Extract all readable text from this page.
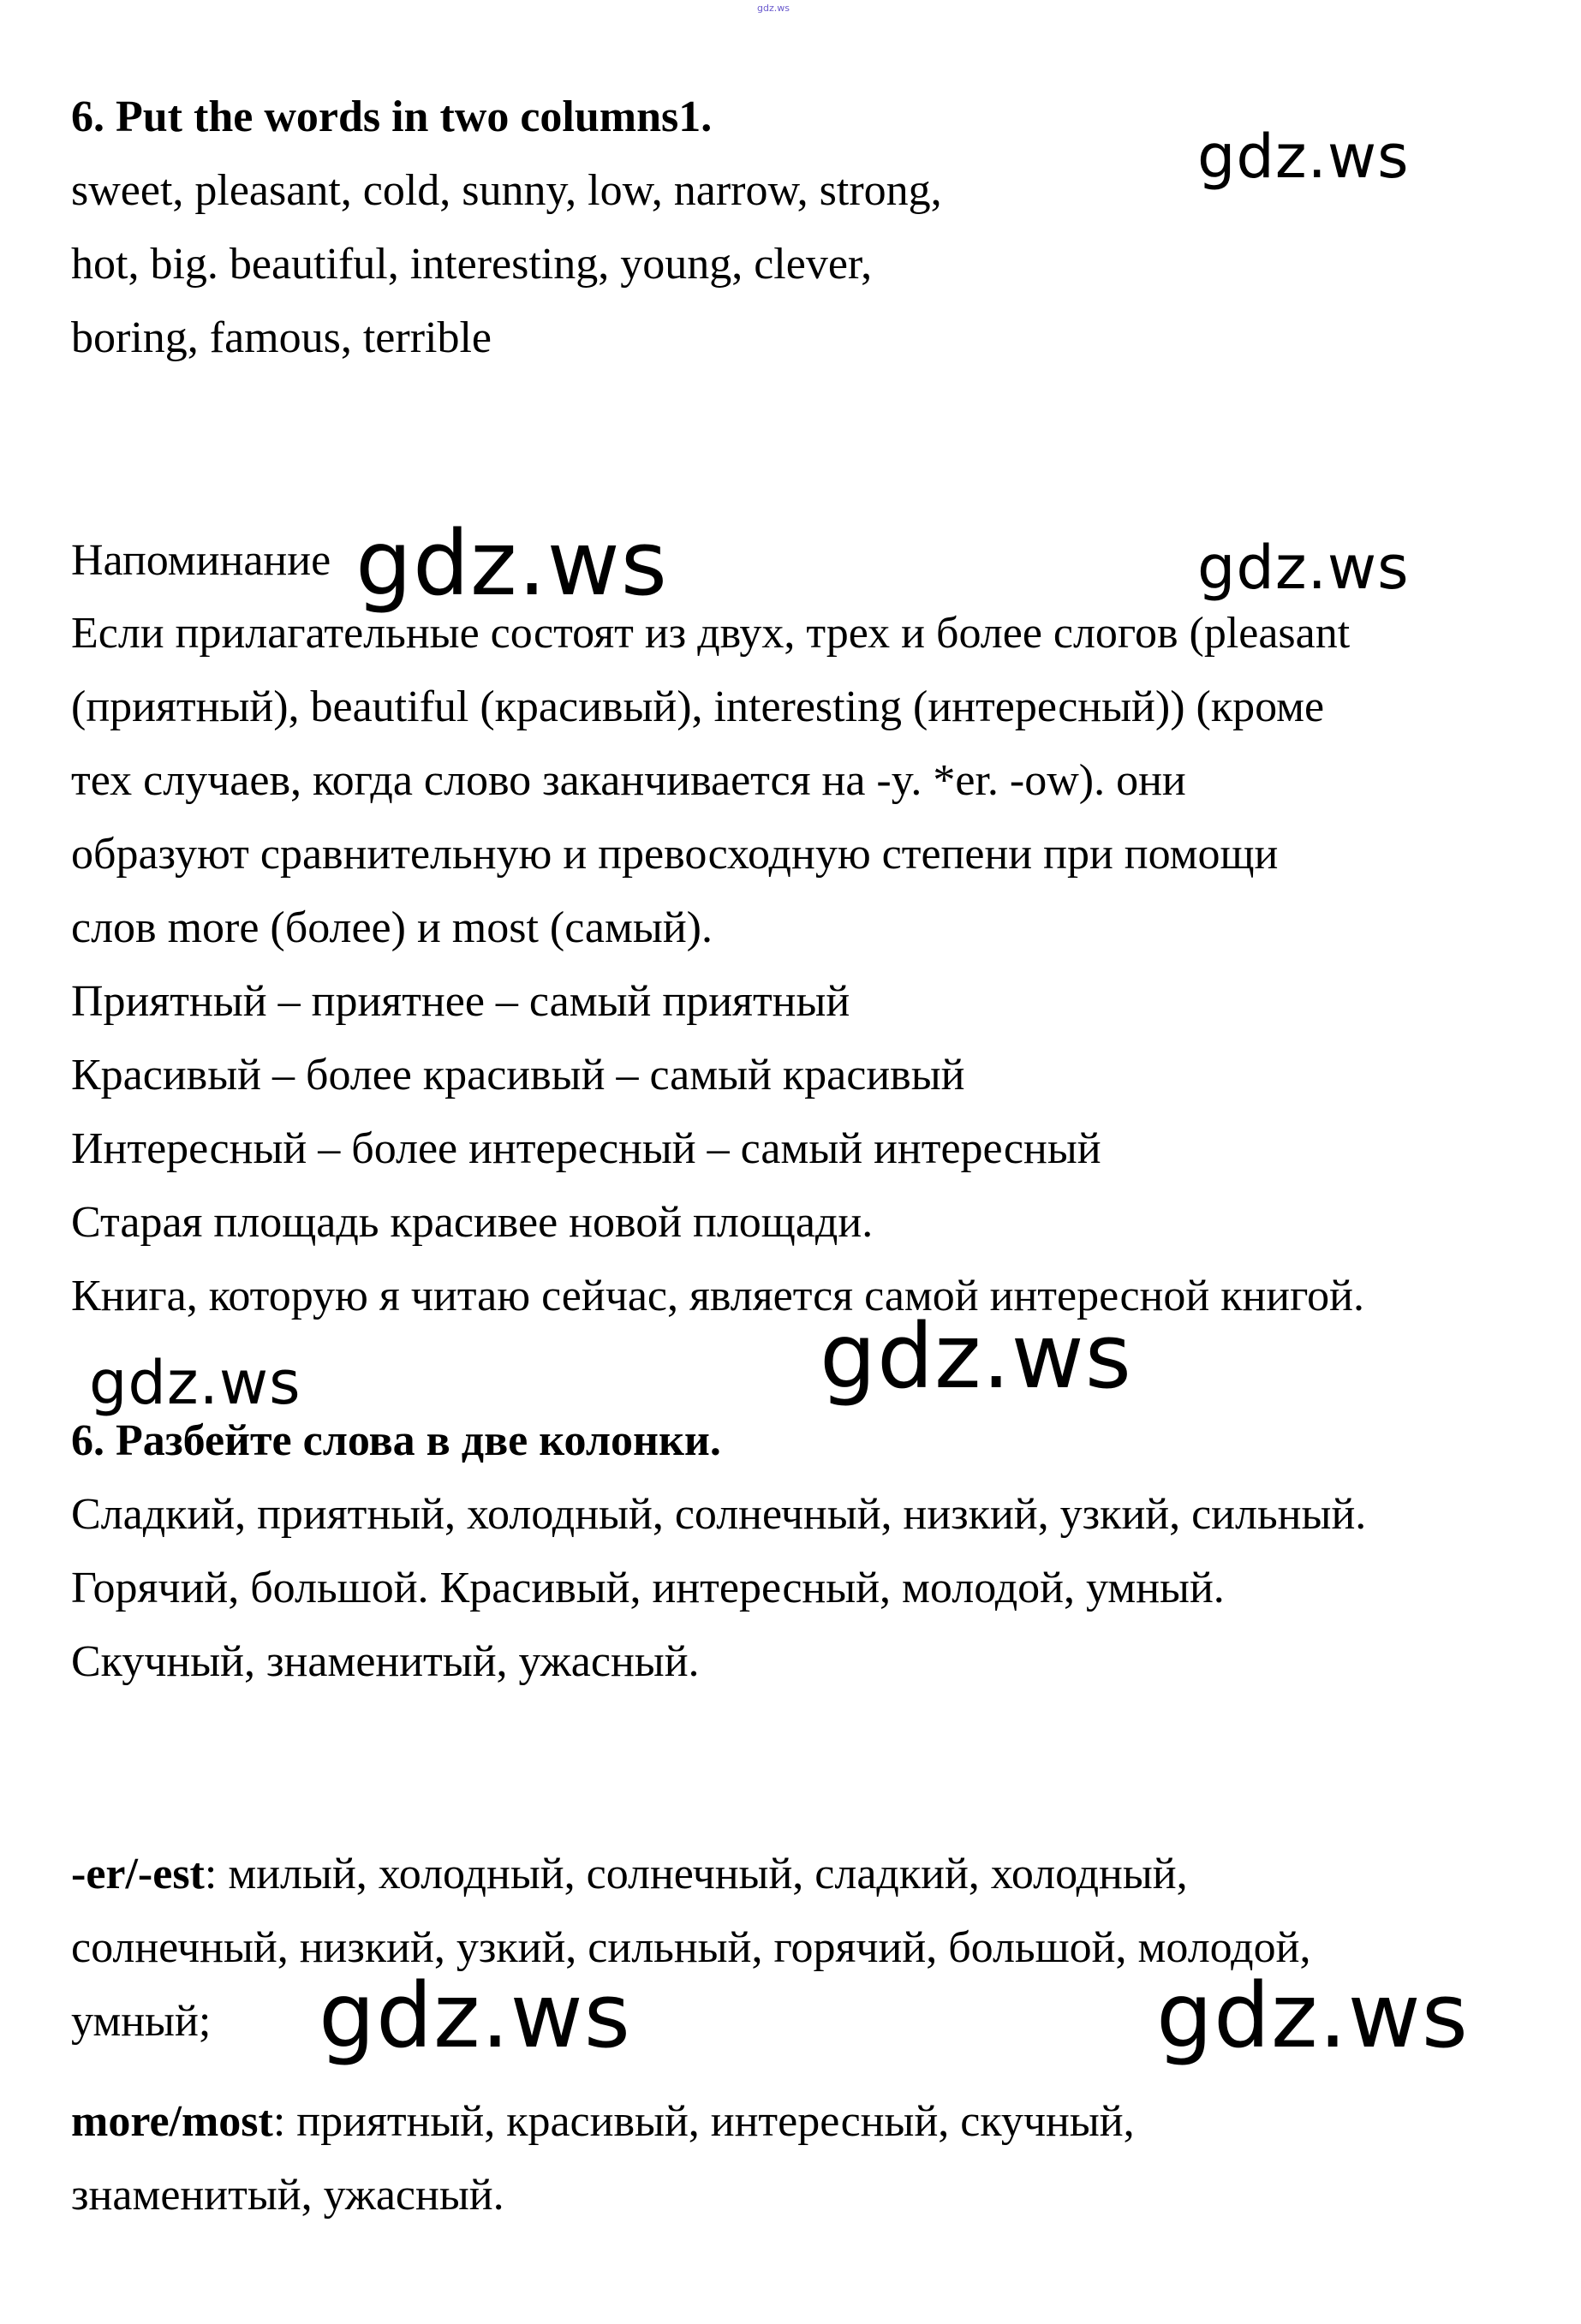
gdz.ws
6. Put the words in two columns1.
sweet, pleasant, cold, sunny, low, narrow, strong,
hot, big. beautiful, interesting, young, clever,
boring, famous, terrible
Напоминание
Если прилагательные состоят из двух, трех и более слогов (pleasant
(приятный), beautiful (красивый), interesting (интересный)) (кроме
тех случаев, когда слово заканчивается на -y. *er. -ow). они
образуют сравнительную и превосходную степени при помощи
слов more (более) и most (самый).
Приятный – приятнее – самый приятный
Красивый – более красивый – самый красивый
Интересный – более интересный – самый интересный
Старая площадь красивее новой площади.
Книга, которую я читаю сейчас, является самой интересной книгой.
6. Разбейте слова в две колонки.
Сладкий, приятный, холодный, солнечный, низкий, узкий, сильный.
Горячий, большой. Красивый, интересный, молодой, умный.
Скучный, знаменитый, ужасный.
-er/-est: милый, холодный, солнечный, сладкий, холодный,
солнечный, низкий, узкий, сильный, горячий, большой, молодой,
умный;
more/most: приятный, красивый, интересный, скучный,
знаменитый, ужасный.
gdz.ws
gdz.ws	gdz.ws
gdz.ws
gdz.ws
gdz.ws	gdz.ws
